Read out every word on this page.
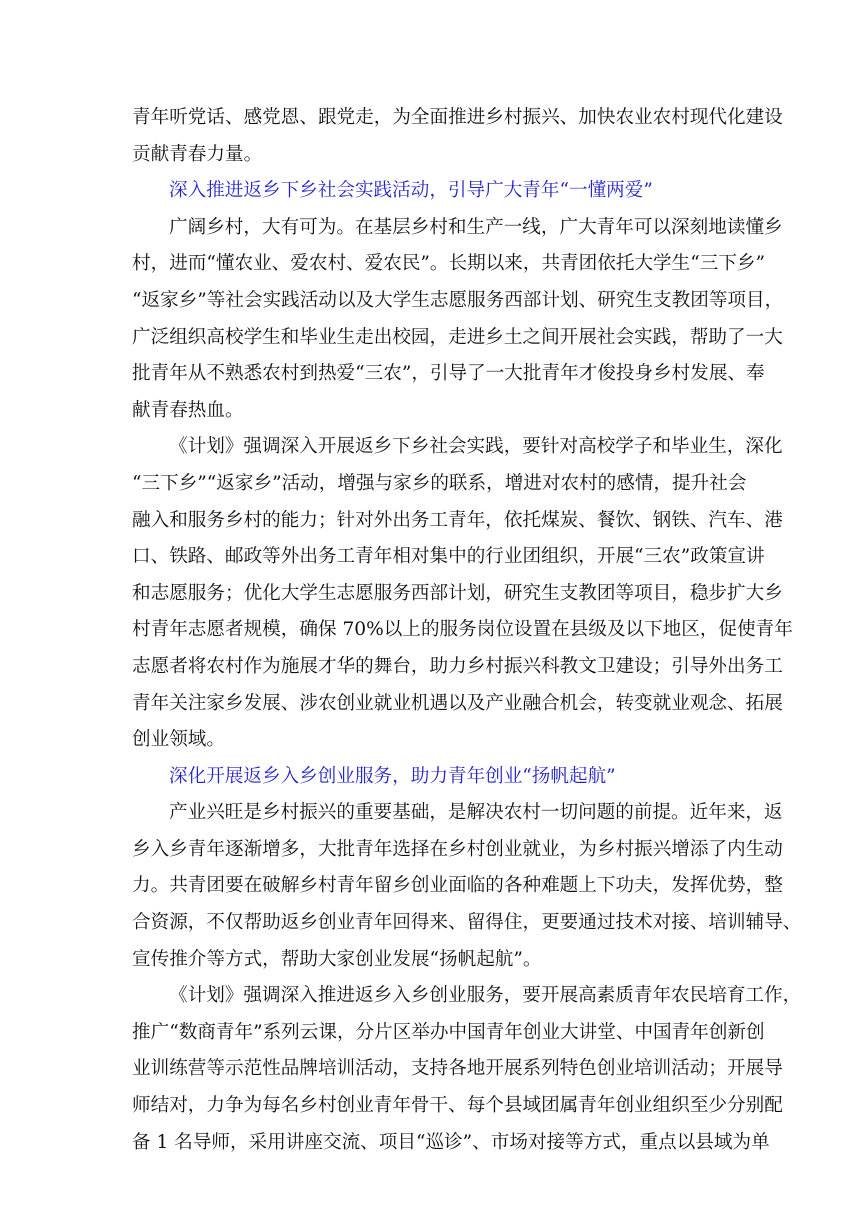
青年听党话、感党恩、跟党走，为全面推进乡村振兴、加快农业农村现代化建设
贡献青春力量。

深入推进返乡下乡社会实践活动，引导广大青年“一懂两爱”

广阔乡村，大有可为。在基层乡村和生产一线，广大青年可以深刻地读懂乡
村，进而“懂农业、爱农村、爱农民”。长期以来，共青团依托大学生“三下乡”
“返家乡”等社会实践活动以及大学生志愿服务西部计划、研究生支教团等项目，
广泛组织高校学生和毕业生走出校园，走进乡土之间开展社会实践，帮助了一大
批青年从不熟悉农村到热爱“三农”，引导了一大批青年才俊投身乡村发展、奉
献青春热血。

《计划》强调深入开展返乡下乡社会实践，要针对高校学子和毕业生，深化
“三下乡”“返家乡”活动，增强与家乡的联系，增进对农村的感情，提升社会
融入和服务乡村的能力；针对外出务工青年，依托煤炭、餐饮、钢铁、汽车、港
口、铁路、邮政等外出务工青年相对集中的行业团组织，开展“三农”政策宣讲
和志愿服务；优化大学生志愿服务西部计划，研究生支教团等项目，稳步扩大乡
村青年志愿者规模，确保 70%以上的服务岗位设置在县级及以下地区，促使青年
志愿者将农村作为施展才华的舞台，助力乡村振兴科教文卫建设；引导外出务工
青年关注家乡发展、涉农创业就业机遇以及产业融合机会，转变就业观念、拓展
创业领域。

深化开展返乡入乡创业服务，助力青年创业“扬帆起航”

产业兴旺是乡村振兴的重要基础，是解决农村一切问题的前提。近年来，返
乡入乡青年逐渐增多，大批青年选择在乡村创业就业，为乡村振兴增添了内生动
力。共青团要在破解乡村青年留乡创业面临的各种难题上下功夫，发挥优势，整
合资源，不仅帮助返乡创业青年回得来、留得住，更要通过技术对接、培训辅导、
宣传推介等方式，帮助大家创业发展“扬帆起航”。

《计划》强调深入推进返乡入乡创业服务，要开展高素质青年农民培育工作，
推广“数商青年”系列云课，分片区举办中国青年创业大讲堂、中国青年创新创
业训练营等示范性品牌培训活动，支持各地开展系列特色创业培训活动；开展导
师结对，力争为每名乡村创业青年骨干、每个县域团属青年创业组织至少分别配
备 1 名导师，采用讲座交流、项目“巡诊”、市场对接等方式，重点以县域为单
